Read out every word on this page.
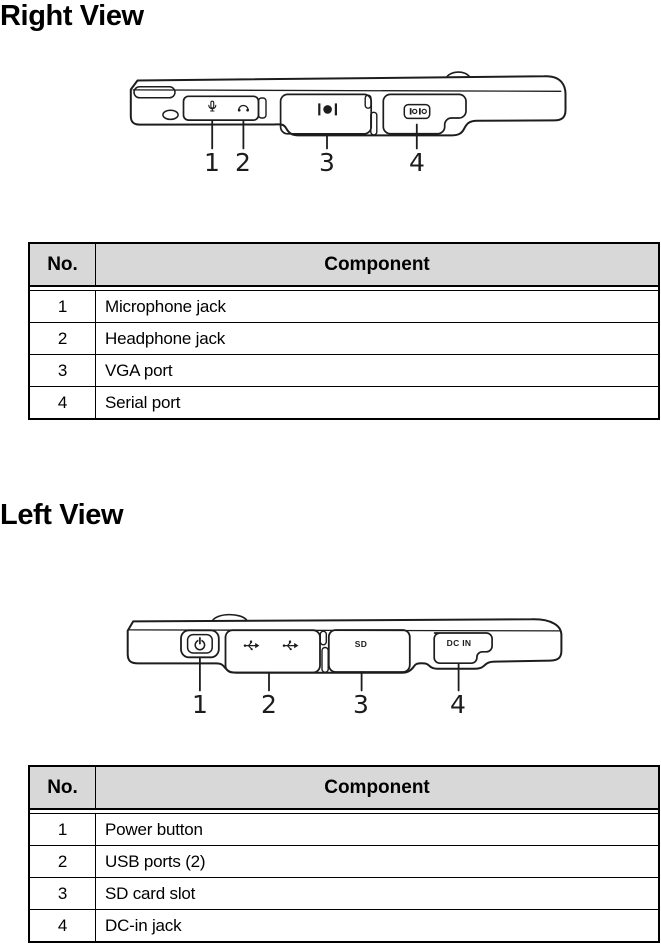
Right View
1 2	3	4
No.	Component
1	Microphone jack
2	Headphone jack
3	VGA port
4	Serial port
Left View
SD	DC IN
1 2	3	4
No.	Component
1	Power button
2	USB ports (2)
3	SD card slot
4	DC-in jack
